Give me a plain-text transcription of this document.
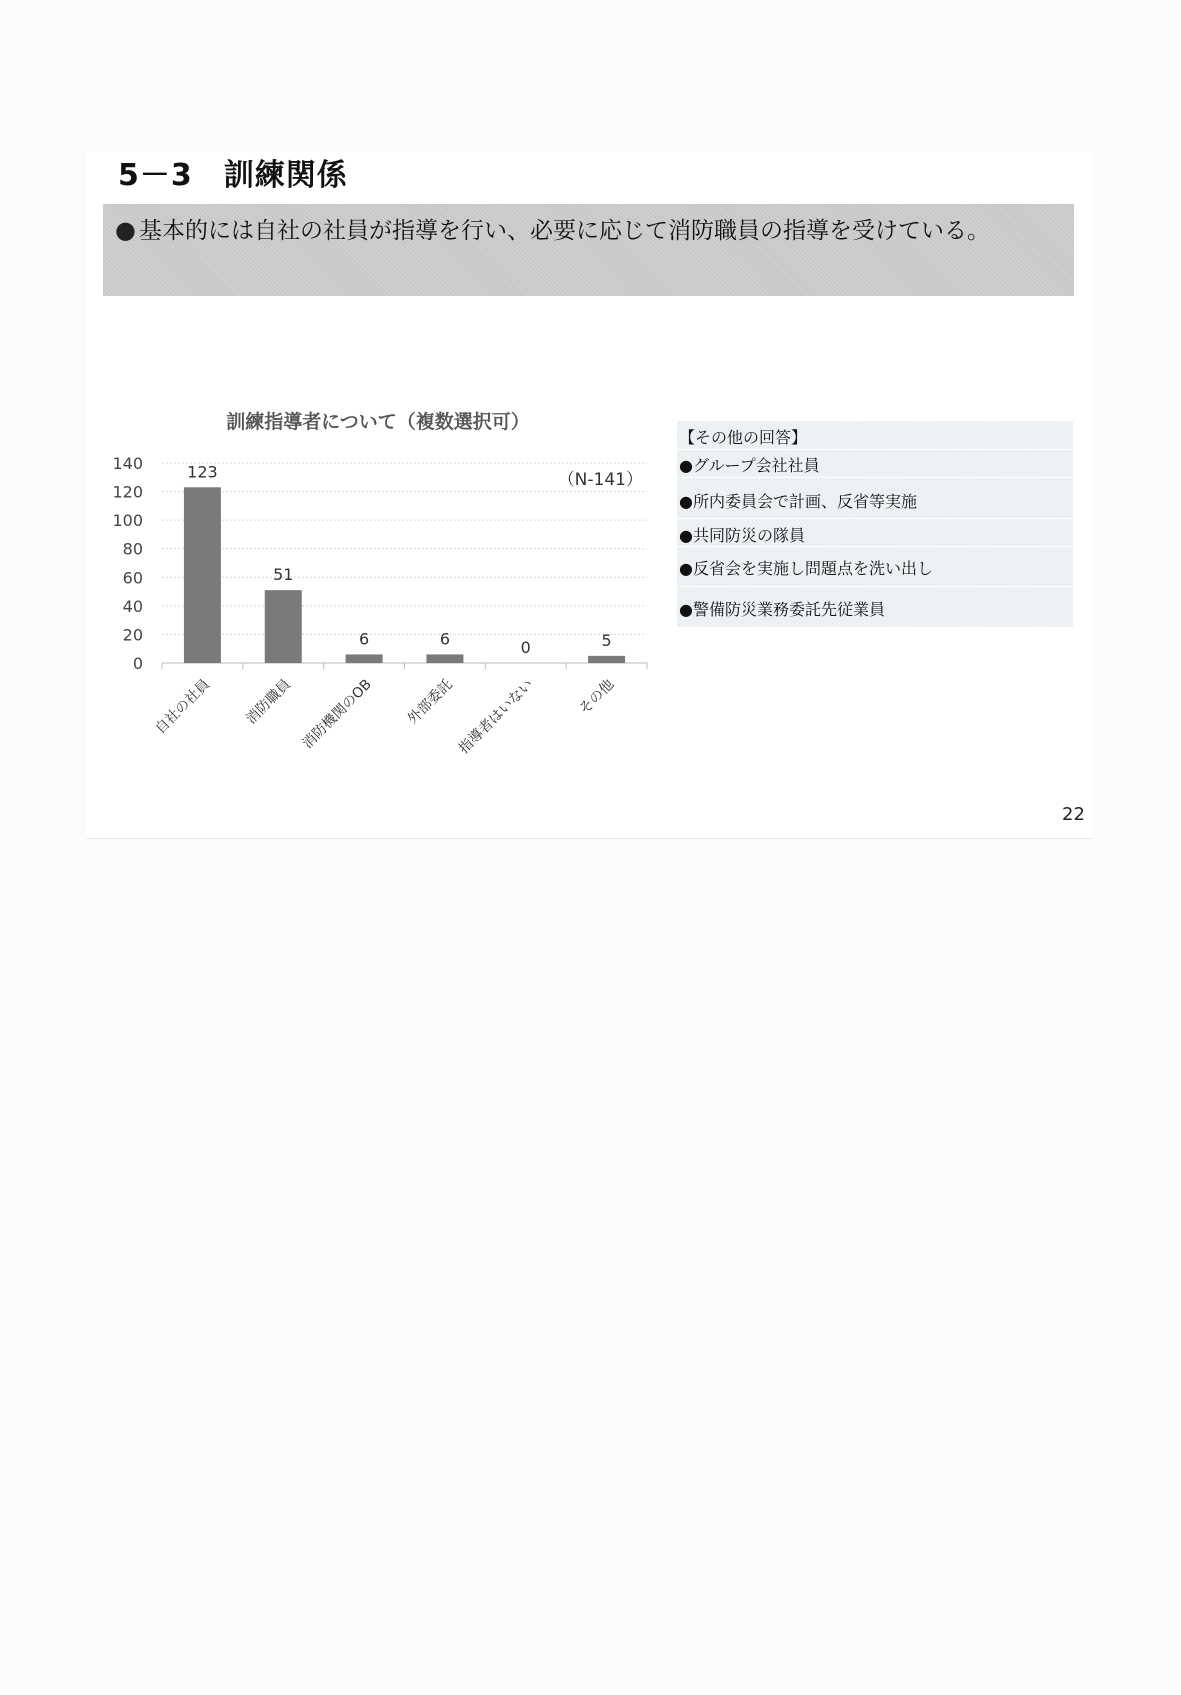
5－3　訓練関係
● 基本的には自社の社員が指導を行い、必要に応じて消防職員の指導を受けている。
訓練指導者について（複数選択可）
0
20
40
60
80
100
120
140	123
自社の社員
51
消防職員
6
消防機関のOB
6
外部委託
0
指導者はいない
5
その他
（N-141）
【その他の回答】
●グループ会社社員
●所内委員会で計画、反省等実施
●共同防災の隊員
●反省会を実施し問題点を洗い出し
●警備防災業務委託先従業員
22
